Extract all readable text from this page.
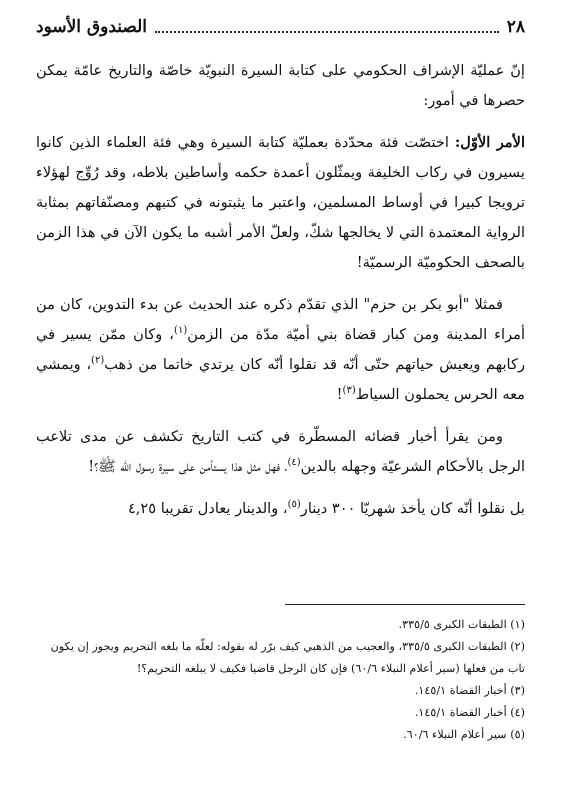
٢٨
الصندوق الأسود

إنّ عمليّة الإشراف الحكومي على كتابة السيرة النبويّة خاصّة والتاريخ عامّة يمكن حصرها في أمور:

الأمر الأوّل: اختصّت فئة محدّدة بعمليّة كتابة السيرة وهي فئة العلماء الذين كانوا يسيرون في ركاب الخليفة ويمثّلون أعمدة حكمه وأساطين بلاطه، وقد رُوِّج لهؤلاء ترويجا كبيرا في أوساط المسلمين، واعتبر ما يثبتونه في كتبهم ومصنّفاتهم بمثابة الرواية المعتمدة التي لا يخالجها شكّ، ولعلّ الأمر أشبه ما يكون الآن في هذا الزمن بالصحف الحكوميّة الرسميّة!

فمثلا "أبو بكر بن حزم" الذي تقدّم ذكره عند الحديث عن بدء التدوين، كان من أمراء المدينة ومن كبار قضاة بني أميّة مدّة من الزمن$^{(١)}$، وكان ممّن يسير في ركابهم ويعيش حياتهم حتّى أنّه قد نقلوا أنّه كان يرتدي خاتما من ذهب$^{(٢)}$، ويمشي معه الحرس يحملون السياط$^{(٣)}$!

ومن يقرأ أخبار قضائه المسطّرة في كتب التاريخ تكشف عن مدى تلاعب الرجل بالأحكام الشرعيّة وجهله بالدين$^{(٤)}$، فهل مثل هذا يستأمن على سيرة رسول الله ﷺ؟!

بل نقلوا أنّه كان يأخذ شهريّا ٣٠٠ دينار$^{(٥)}$، والدينار يعادل تقريبا ٤,٢٥

(١) الطبقات الكبرى ٣٣٥/٥.
(٢) الطبقات الكبرى ٣٣٥/٥، والعجيب من الذهبي كيف برّر له بقوله: لعلّه ما بلغه التحريم ويجوز إن يكون تاب من فعلها (سير أعلام النبلاء ٦٠/٦) فإن كان الرجل قاضيا فكيف لا يبلغه التحريم؟!
(٣) أخبار القضاة ١٤٥/١.
(٤) أخبار القضاة ١٤٥/١.
(٥) سير أعلام النبلاء ٦٠/٦.
